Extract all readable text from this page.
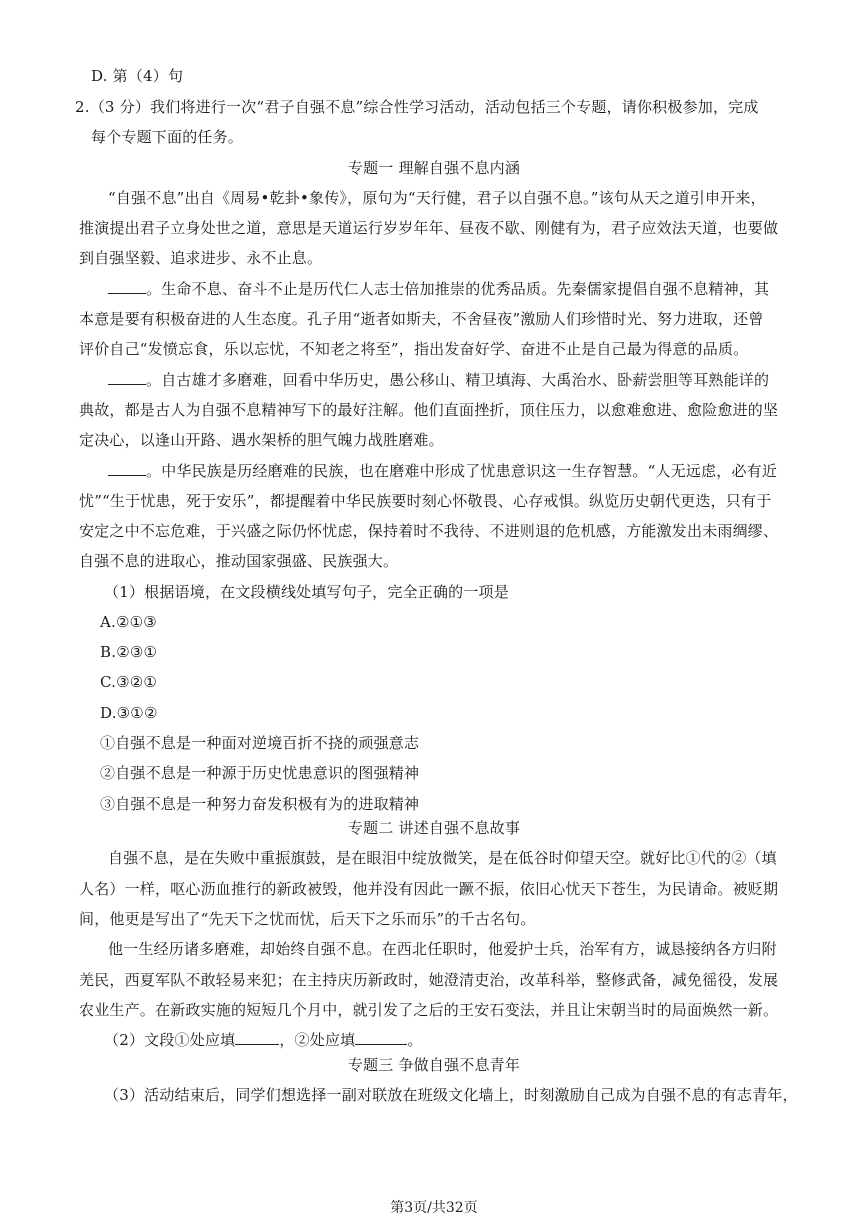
D. 第（4）句
2.（3 分）我们将进行一次“君子自强不息”综合性学习活动，活动包括三个专题，请你积极参加，完成
每个专题下面的任务。
专题一 理解自强不息内涵
“自强不息”出自《周易•乾卦•象传》，原句为“天行健，君子以自强不息。”该句从天之道引申开来，
推演提出君子立身处世之道，意思是天道运行岁岁年年、昼夜不歇、刚健有为，君子应效法天道，也要做
到自强坚毅、追求进步、永不止息。
。生命不息、奋斗不止是历代仁人志士倍加推崇的优秀品质。先秦儒家提倡自强不息精神，其
本意是要有积极奋进的人生态度。孔子用“逝者如斯夫，不舍昼夜”激励人们珍惜时光、努力进取，还曾
评价自己“发愤忘食，乐以忘忧，不知老之将至”，指出发奋好学、奋进不止是自己最为得意的品质。
。自古雄才多磨难，回看中华历史，愚公移山、精卫填海、大禹治水、卧薪尝胆等耳熟能详的
典故，都是古人为自强不息精神写下的最好注解。他们直面挫折，顶住压力，以愈难愈进、愈险愈进的坚
定决心，以逢山开路、遇水架桥的胆气魄力战胜磨难。
。中华民族是历经磨难的民族，也在磨难中形成了忧患意识这一生存智慧。“人无远虑，必有近
忧”“生于忧患，死于安乐”，都提醒着中华民族要时刻心怀敬畏、心存戒惧。纵览历史朝代更迭，只有于
安定之中不忘危难，于兴盛之际仍怀忧虑，保持着时不我待、不进则退的危机感，方能激发出未雨绸缪、
自强不息的进取心，推动国家强盛、民族强大。
（1）根据语境，在文段横线处填写句子，完全正确的一项是
A.②①③
B.②③①
C.③②①
D.③①②
①自强不息是一种面对逆境百折不挠的顽强意志
②自强不息是一种源于历史忧患意识的图强精神
③自强不息是一种努力奋发积极有为的进取精神
专题二 讲述自强不息故事
自强不息，是在失败中重振旗鼓，是在眼泪中绽放微笑，是在低谷时仰望天空。就好比①代的②（填
人名）一样，呕心沥血推行的新政被毁，他并没有因此一蹶不振，依旧心忧天下苍生，为民请命。被贬期
间，他更是写出了“先天下之忧而忧，后天下之乐而乐”的千古名句。
他一生经历诸多磨难，却始终自强不息。在西北任职时，他爱护士兵，治军有方，诚恳接纳各方归附
羌民，西夏军队不敢轻易来犯；在主持庆历新政时，她澄清吏治，改革科举，整修武备，减免徭役，发展
农业生产。在新政实施的短短几个月中，就引发了之后的王安石变法，并且让宋朝当时的局面焕然一新。
（2）文段①处应填	，②处应填	。
专题三 争做自强不息青年
（3）活动结束后，同学们想选择一副对联放在班级文化墙上，时刻激励自己成为自强不息的有志青年，
第3页/共32页
